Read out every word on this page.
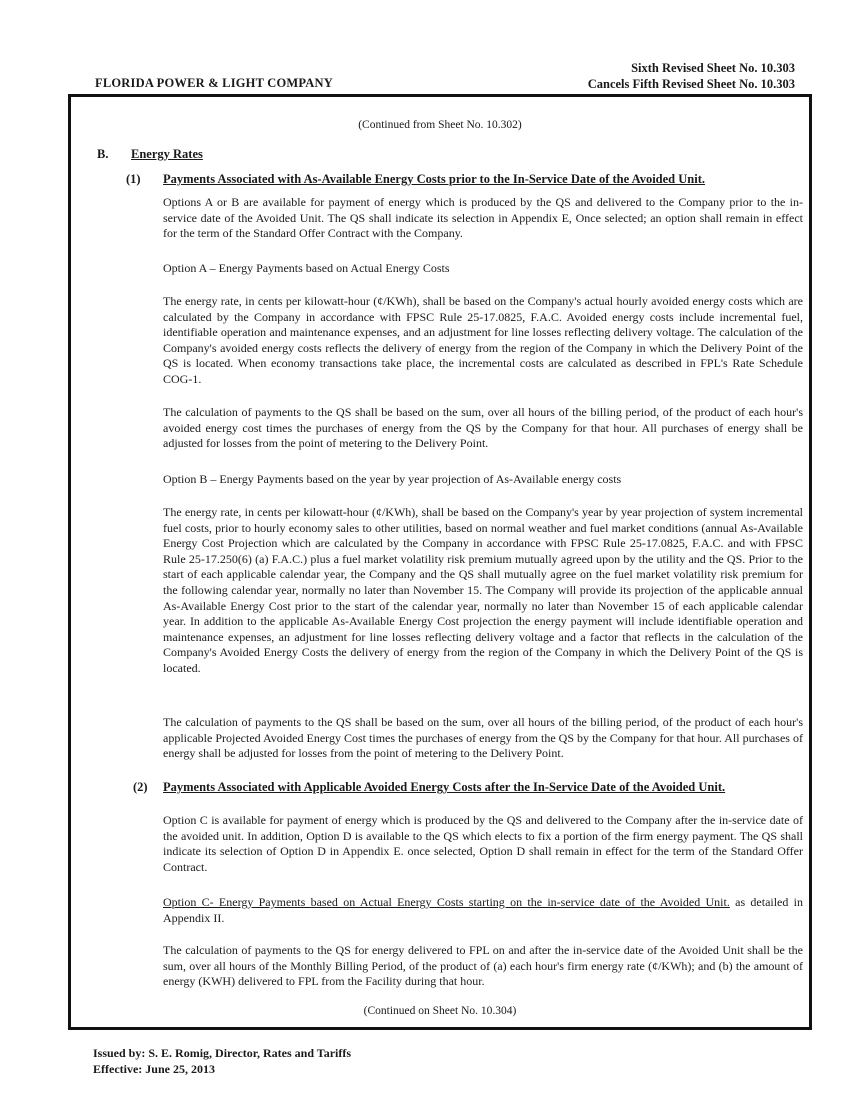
Sixth Revised Sheet No. 10.303
Cancels Fifth Revised Sheet No. 10.303
FLORIDA POWER & LIGHT COMPANY
(Continued from Sheet No. 10.302)
B. Energy Rates
(1) Payments Associated with As-Available Energy Costs prior to the In-Service Date of the Avoided Unit.
Options A or B are available for payment of energy which is produced by the QS and delivered to the Company prior to the in-service date of the Avoided Unit. The QS shall indicate its selection in Appendix E, Once selected; an option shall remain in effect for the term of the Standard Offer Contract with the Company.
Option A – Energy Payments based on Actual Energy Costs
The energy rate, in cents per kilowatt-hour (¢/KWh), shall be based on the Company's actual hourly avoided energy costs which are calculated by the Company in accordance with FPSC Rule 25-17.0825, F.A.C. Avoided energy costs include incremental fuel, identifiable operation and maintenance expenses, and an adjustment for line losses reflecting delivery voltage. The calculation of the Company's avoided energy costs reflects the delivery of energy from the region of the Company in which the Delivery Point of the QS is located. When economy transactions take place, the incremental costs are calculated as described in FPL's Rate Schedule COG-1.
The calculation of payments to the QS shall be based on the sum, over all hours of the billing period, of the product of each hour's avoided energy cost times the purchases of energy from the QS by the Company for that hour. All purchases of energy shall be adjusted for losses from the point of metering to the Delivery Point.
Option B – Energy Payments based on the year by year projection of As-Available energy costs
The energy rate, in cents per kilowatt-hour (¢/KWh), shall be based on the Company's year by year projection of system incremental fuel costs, prior to hourly economy sales to other utilities, based on normal weather and fuel market conditions (annual As-Available Energy Cost Projection which are calculated by the Company in accordance with FPSC Rule 25-17.0825, F.A.C. and with FPSC Rule 25-17.250(6) (a) F.A.C.) plus a fuel market volatility risk premium mutually agreed upon by the utility and the QS. Prior to the start of each applicable calendar year, the Company and the QS shall mutually agree on the fuel market volatility risk premium for the following calendar year, normally no later than November 15. The Company will provide its projection of the applicable annual As-Available Energy Cost prior to the start of the calendar year, normally no later than November 15 of each applicable calendar year. In addition to the applicable As-Available Energy Cost projection the energy payment will include identifiable operation and maintenance expenses, an adjustment for line losses reflecting delivery voltage and a factor that reflects in the calculation of the Company's Avoided Energy Costs the delivery of energy from the region of the Company in which the Delivery Point of the QS is located.
The calculation of payments to the QS shall be based on the sum, over all hours of the billing period, of the product of each hour's applicable Projected Avoided Energy Cost times the purchases of energy from the QS by the Company for that hour. All purchases of energy shall be adjusted for losses from the point of metering to the Delivery Point.
(2) Payments Associated with Applicable Avoided Energy Costs after the In-Service Date of the Avoided Unit.
Option C is available for payment of energy which is produced by the QS and delivered to the Company after the in-service date of the avoided unit. In addition, Option D is available to the QS which elects to fix a portion of the firm energy payment. The QS shall indicate its selection of Option D in Appendix E. once selected, Option D shall remain in effect for the term of the Standard Offer Contract.
Option C- Energy Payments based on Actual Energy Costs starting on the in-service date of the Avoided Unit. as detailed in Appendix II.
The calculation of payments to the QS for energy delivered to FPL on and after the in-service date of the Avoided Unit shall be the sum, over all hours of the Monthly Billing Period, of the product of (a) each hour's firm energy rate (¢/KWh); and (b) the amount of energy (KWH) delivered to FPL from the Facility during that hour.
(Continued on Sheet No. 10.304)
Issued by: S. E. Romig, Director, Rates and Tariffs
Effective: June 25, 2013
